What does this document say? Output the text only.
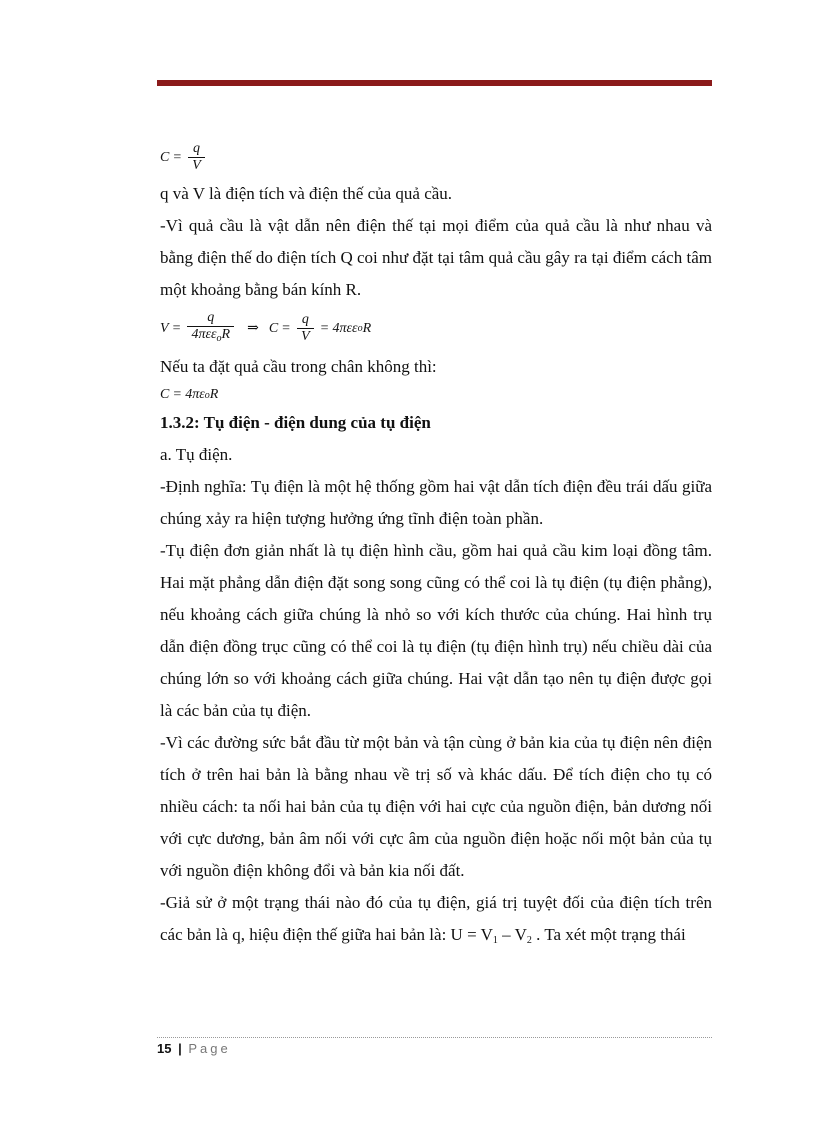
$C = \frac{q}{V}$

q và V là điện tích và điện thế của quả cầu.

-Vì quả cầu là vật dẫn nên điện thế tại mọi điểm của quả cầu là như nhau và bằng điện thế do điện tích Q coi như đặt tại tâm quả cầu gây ra tại điểm cách tâm một khoảng bằng bán kính R.

$V = \frac{q}{4\pi\varepsilon\varepsilon_oR}$ ⇒ $C = \frac{q}{V} = 4\pi\varepsilon\varepsilon$ o R

Nếu ta đặt quả cầu trong chân không thì:

C = 4πε o R

1.3.2: Tụ điện - điện dung của tụ điện

a. Tụ điện.

-Định nghĩa: Tụ điện là một hệ thống gồm hai vật dẫn tích điện đều trái dấu giữa chúng xảy ra hiện tượng hưởng ứng tĩnh điện toàn phần.

-Tụ điện đơn giản nhất là tụ điện hình cầu, gồm hai quả cầu kim loại đồng tâm. Hai mặt phẳng dẫn điện đặt song song cũng có thể coi là tụ điện (tụ điện phẳng), nếu khoảng cách giữa chúng là nhỏ so với kích thước của chúng. Hai hình trụ dẫn điện đồng trục cũng có thể coi là tụ điện (tụ điện hình trụ) nếu chiều dài của chúng lớn so với khoảng cách giữa chúng. Hai vật dẫn tạo nên tụ điện được gọi là các bản của tụ điện.

-Vì các đường sức bắt đầu từ một bản và tận cùng ở bản kia của tụ điện nên điện tích ở trên hai bản là bằng nhau về trị số và khác dấu. Để tích điện cho tụ có nhiều cách: ta nối hai bản của tụ điện với hai cực của nguồn điện, bản dương nối với cực dương, bản âm nối với cực âm của nguồn điện hoặc nối một bản của tụ với nguồn điện không đổi và bản kia nối đất.

-Giả sử ở một trạng thái nào đó của tụ điện, giá trị tuyệt đối của điện tích trên các bản là q, hiệu điện thế giữa hai bản là: $U = V_1 - V_2$ . Ta xét một trạng thái

15 | Page
